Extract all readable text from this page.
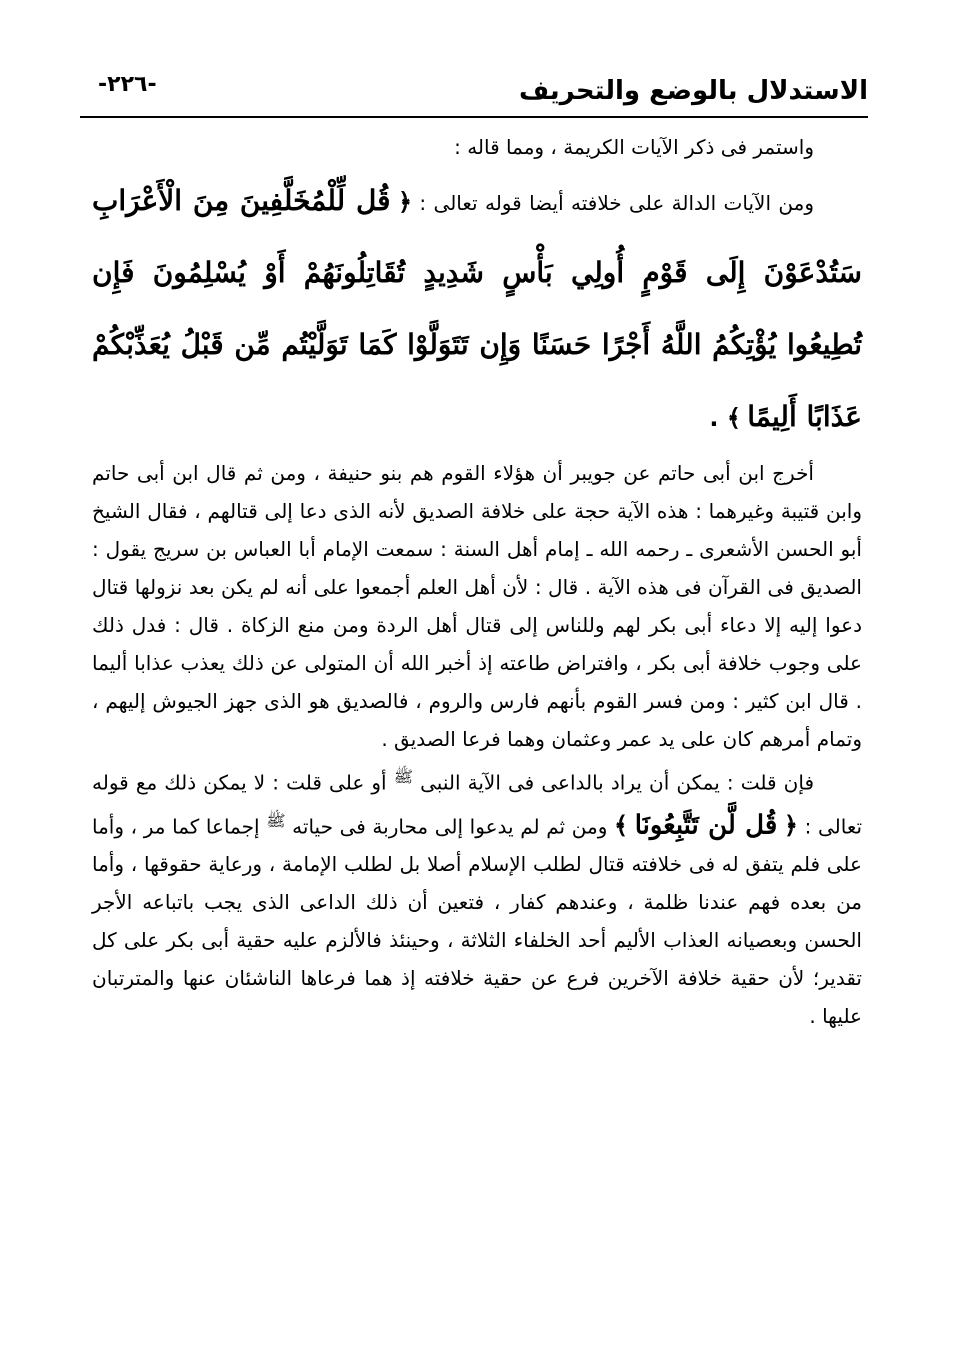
-٢٢٦-	الاستدلال بالوضع والتحريف

واستمر فى ذكر الآيات الكريمة ، ومما قاله :

ومن الآيات الدالة على خلافته أيضا قوله تعالى : ﴿ قُل لِّلْمُخَلَّفِينَ مِنَ الْأَعْرَابِ سَتُدْعَوْنَ إِلَى قَوْمٍ أُولِي بَأْسٍ شَدِيدٍ تُقَاتِلُونَهُمْ أَوْ يُسْلِمُونَ فَإِن تُطِيعُوا يُؤْتِكُمُ اللَّهُ أَجْرًا حَسَنًا وَإِن تَتَوَلَّوْا كَمَا تَوَلَّيْتُم مِّن قَبْلُ يُعَذِّبْكُمْ عَذَابًا أَلِيمًا ﴾ .

أخرج ابن أبى حاتم عن جويبر أن هؤلاء القوم هم بنو حنيفة ، ومن ثم قال ابن أبى حاتم وابن قتيبة وغيرهما : هذه الآية حجة على خلافة الصديق لأنه الذى دعا إلى قتالهم ، فقال الشيخ أبو الحسن الأشعرى ـ رحمه الله ـ إمام أهل السنة : سمعت الإمام أبا العباس بن سريج يقول : الصديق فى القرآن فى هذه الآية . قال : لأن أهل العلم أجمعوا على أنه لم يكن بعد نزولها قتال دعوا إليه إلا دعاء أبى بكر لهم وللناس إلى قتال أهل الردة ومن منع الزكاة . قال : فدل ذلك على وجوب خلافة أبى بكر ، وافتراض طاعته إذ أخبر الله أن المتولى عن ذلك يعذب عذابا أليما . قال ابن كثير : ومن فسر القوم بأنهم فارس والروم ، فالصديق هو الذى جهز الجيوش إليهم ، وتمام أمرهم كان على يد عمر وعثمان وهما فرعا الصديق .

فإن قلت : يمكن أن يراد بالداعى فى الآية النبى $^ﷺ$ أو على قلت : لا يمكن ذلك مع قوله تعالى : ﴿ قُل لَّن تَتَّبِعُونَا ﴾ ومن ثم لم يدعوا إلى محاربة فى حياته $^ﷺ$ إجماعا كما مر ، وأما على فلم يتفق له فى خلافته قتال لطلب الإسلام أصلا بل لطلب الإمامة ، ورعاية حقوقها ، وأما من بعده فهم عندنا ظلمة ، وعندهم كفار ، فتعين أن ذلك الداعى الذى يجب باتباعه الأجر الحسن وبعصيانه العذاب الأليم أحد الخلفاء الثلاثة ، وحينئذ فالألزم عليه حقية أبى بكر على كل تقدير؛ لأن حقية خلافة الآخرين فرع عن حقية خلافته إذ هما فرعاها الناشئان عنها والمترتبان عليها .
